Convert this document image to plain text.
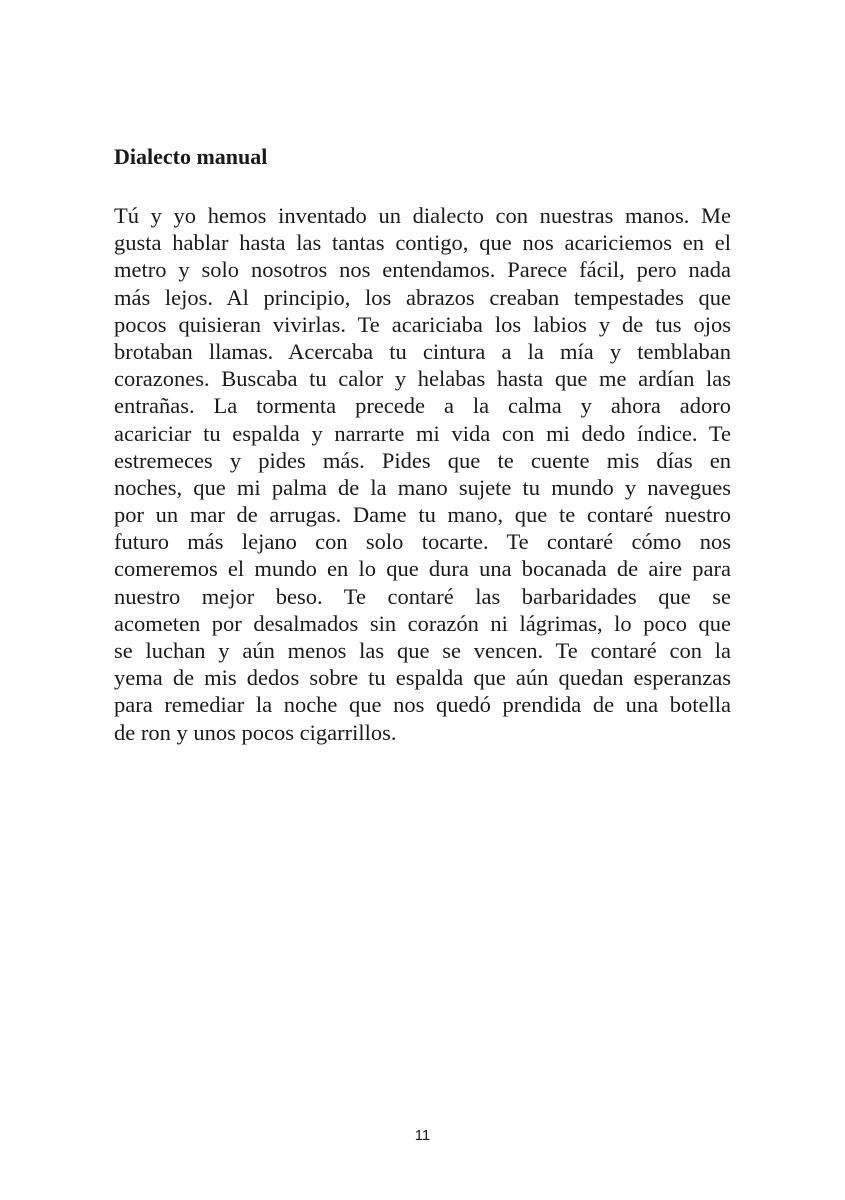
Dialecto manual
Tú y yo hemos inventado un dialecto con nuestras manos. Me
gusta hablar hasta las tantas contigo, que nos acariciemos en el
metro y solo nosotros nos entendamos. Parece fácil, pero nada
más lejos. Al principio, los abrazos creaban tempestades que
pocos quisieran vivirlas. Te acariciaba los labios y de tus ojos
brotaban llamas. Acercaba tu cintura a la mía y temblaban
corazones. Buscaba tu calor y helabas hasta que me ardían las
entrañas. La tormenta precede a la calma y ahora adoro
acariciar tu espalda y narrarte mi vida con mi dedo índice. Te
estremeces y pides más. Pides que te cuente mis días en
noches, que mi palma de la mano sujete tu mundo y navegues
por un mar de arrugas. Dame tu mano, que te contaré nuestro
futuro más lejano con solo tocarte. Te contaré cómo nos
comeremos el mundo en lo que dura una bocanada de aire para
nuestro mejor beso. Te contaré las barbaridades que se
acometen por desalmados sin corazón ni lágrimas, lo poco que
se luchan y aún menos las que se vencen. Te contaré con la
yema de mis dedos sobre tu espalda que aún quedan esperanzas
para remediar la noche que nos quedó prendida de una botella
de ron y unos pocos cigarrillos.
11
